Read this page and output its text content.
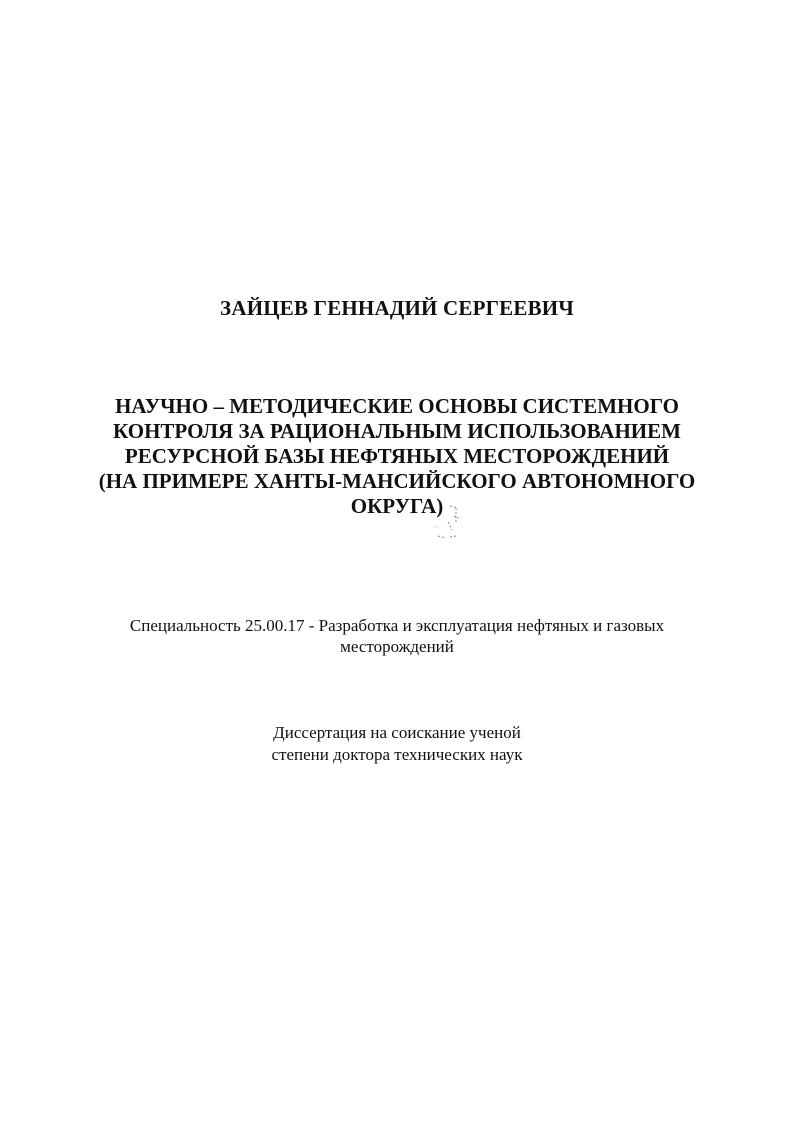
ЗАЙЦЕВ ГЕННАДИЙ СЕРГЕЕВИЧ
НАУЧНО – МЕТОДИЧЕСКИЕ ОСНОВЫ СИСТЕМНОГО
КОНТРОЛЯ ЗА РАЦИОНАЛЬНЫМ ИСПОЛЬЗОВАНИЕМ
РЕСУРСНОЙ БАЗЫ НЕФТЯНЫХ МЕСТОРОЖДЕНИЙ
(НА ПРИМЕРЕ ХАНТЫ-МАНСИЙСКОГО АВТОНОМНОГО
ОКРУГА)
Специальность 25.00.17 - Разработка и эксплуатация нефтяных и газовых
месторождений
Диссертация на соискание ученой
степени доктора технических наук
